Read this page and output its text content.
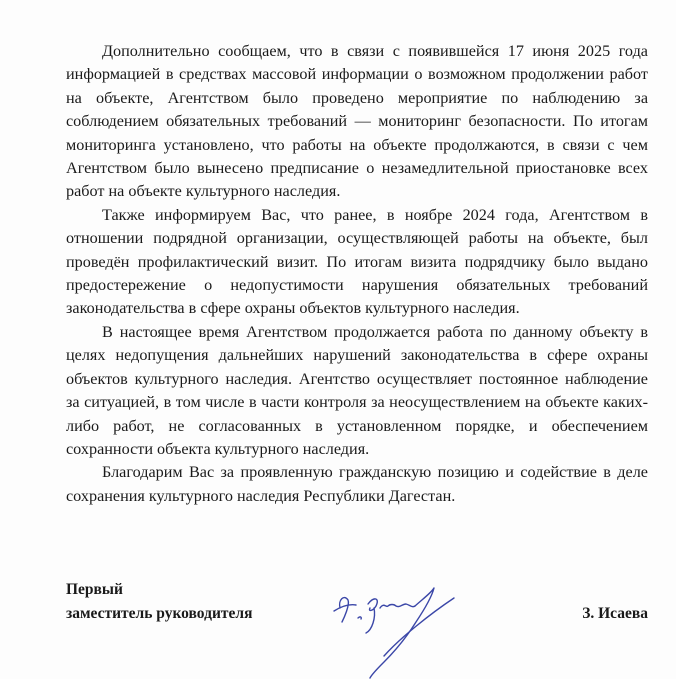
Дополнительно сообщаем, что в связи с появившейся 17 июня 2025 года информацией в средствах массовой информации о возможном продолжении работ на объекте, Агентством было проведено мероприятие по наблюдению за соблюдением обязательных требований — мониторинг безопасности. По итогам мониторинга установлено, что работы на объекте продолжаются, в связи с чем Агентством было вынесено предписание о незамедлительной приостановке всех работ на объекте культурного наследия.

Также информируем Вас, что ранее, в ноябре 2024 года, Агентством в отношении подрядной организации, осуществляющей работы на объекте, был проведён профилактический визит. По итогам визита подрядчику было выдано предостережение о недопустимости нарушения обязательных требований законодательства в сфере охраны объектов культурного наследия.

В настоящее время Агентством продолжается работа по данному объекту в целях недопущения дальнейших нарушений законодательства в сфере охраны объектов культурного наследия. Агентство осуществляет постоянное наблюдение за ситуацией, в том числе в части контроля за неосуществлением на объекте каких-либо работ, не согласованных в установленном порядке, и обеспечением сохранности объекта культурного наследия.

Благодарим Вас за проявленную гражданскую позицию и содействие в деле сохранения культурного наследия Республики Дагестан.

Первый
заместитель руководителя	З. Исаева
